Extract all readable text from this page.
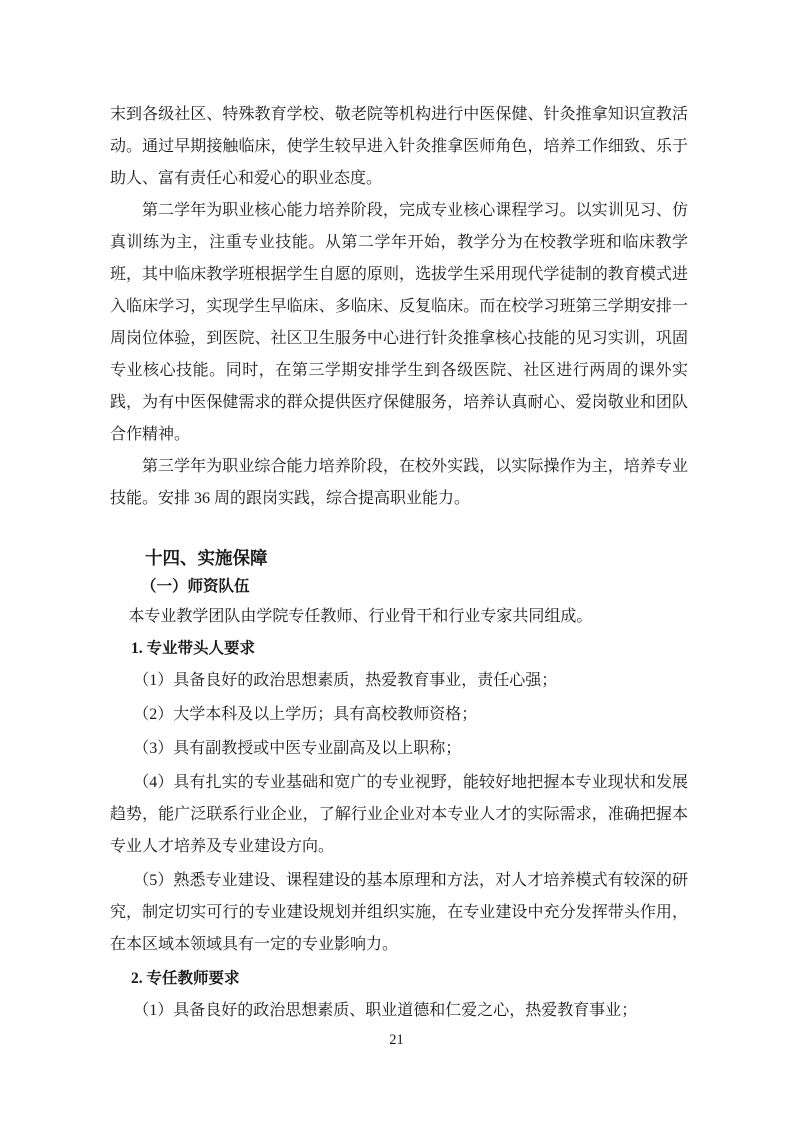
末到各级社区、特殊教育学校、敬老院等机构进行中医保健、针灸推拿知识宣教活动。通过早期接触临床，使学生较早进入针灸推拿医师角色，培养工作细致、乐于助人、富有责任心和爱心的职业态度。

第二学年为职业核心能力培养阶段，完成专业核心课程学习。以实训见习、仿真训练为主，注重专业技能。从第二学年开始，教学分为在校教学班和临床教学班，其中临床教学班根据学生自愿的原则，选拔学生采用现代学徒制的教育模式进入临床学习，实现学生早临床、多临床、反复临床。而在校学习班第三学期安排一周岗位体验，到医院、社区卫生服务中心进行针灸推拿核心技能的见习实训，巩固专业核心技能。同时，在第三学期安排学生到各级医院、社区进行两周的课外实践，为有中医保健需求的群众提供医疗保健服务，培养认真耐心、爱岗敬业和团队合作精神。

第三学年为职业综合能力培养阶段，在校外实践，以实际操作为主，培养专业技能。安排 36 周的跟岗实践，综合提高职业能力。

十四、实施保障
（一）师资队伍

本专业教学团队由学院专任教师、行业骨干和行业专家共同组成。

1. 专业带头人要求

（1）具备良好的政治思想素质，热爱教育事业，责任心强；

（2）大学本科及以上学历；具有高校教师资格；

（3）具有副教授或中医专业副高及以上职称；

（4）具有扎实的专业基础和宽广的专业视野，能较好地把握本专业现状和发展趋势，能广泛联系行业企业，了解行业企业对本专业人才的实际需求，准确把握本专业人才培养及专业建设方向。

（5）熟悉专业建设、课程建设的基本原理和方法，对人才培养模式有较深的研究，制定切实可行的专业建设规划并组织实施，在专业建设中充分发挥带头作用，在本区域本领域具有一定的专业影响力。

2. 专任教师要求

（1）具备良好的政治思想素质、职业道德和仁爱之心，热爱教育事业；

21
